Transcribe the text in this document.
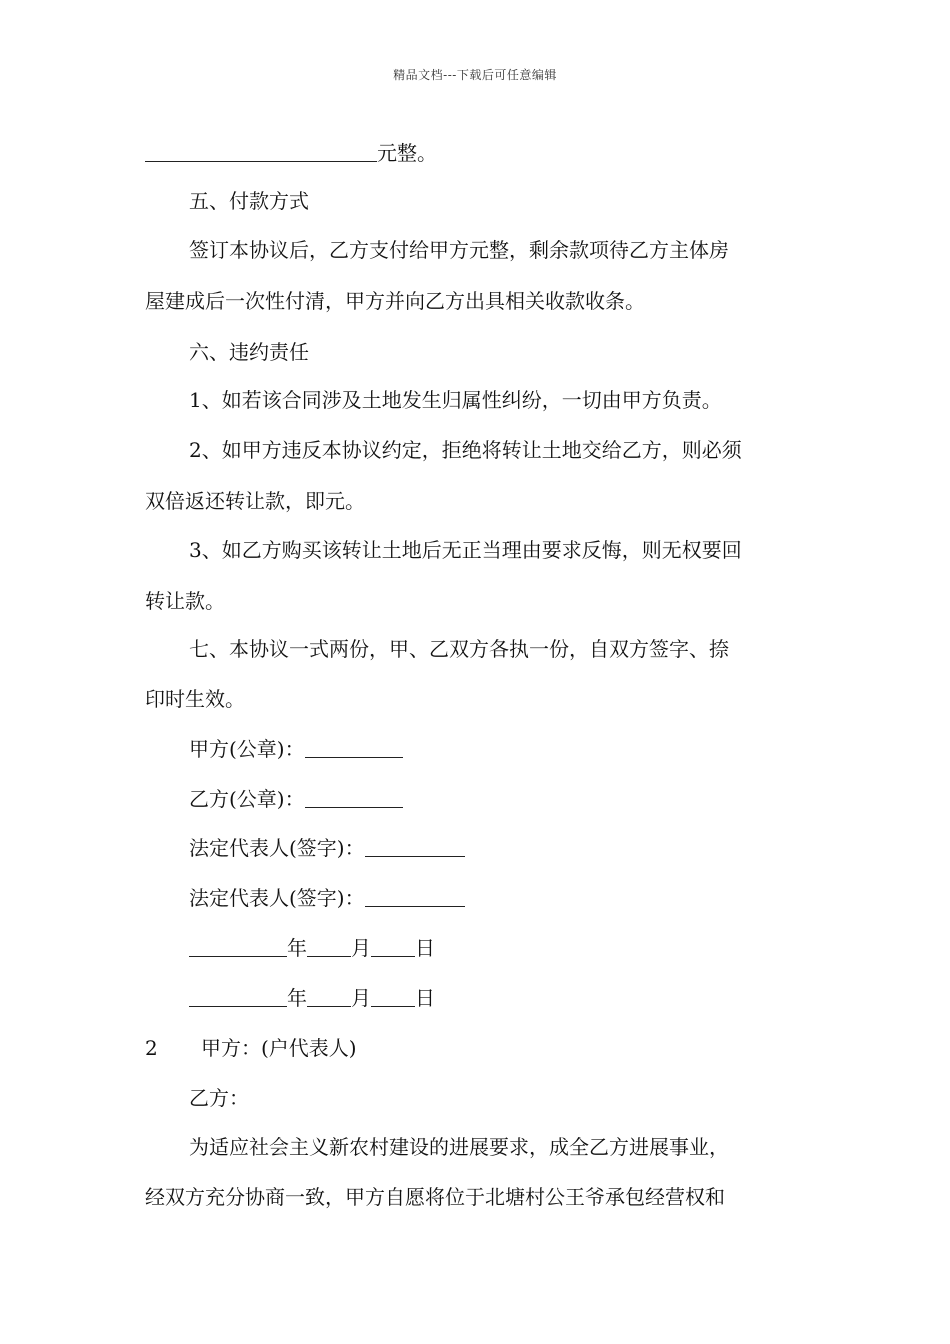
精品文档---下载后可任意编辑
元整。
五、付款方式
签订本协议后，乙方支付给甲方元整，剩余款项待乙方主体房
屋建成后一次性付清，甲方并向乙方出具相关收款收条。
六、违约责任
1、如若该合同涉及土地发生归属性纠纷，一切由甲方负责。
2、如甲方违反本协议约定，拒绝将转让土地交给乙方，则必须
双倍返还转让款，即元。
3、如乙方购买该转让土地后无正当理由要求反悔，则无权要回
转让款。
七、本协议一式两份，甲、乙双方各执一份，自双方签字、捺
印时生效。
甲方(公章)：
乙方(公章)：
法定代表人(签字)：
法定代表人(签字)：
年 月 日
年 月 日
2 甲方：(户代表人)
乙方：
为适应社会主义新农村建设的进展要求，成全乙方进展事业，
经双方充分协商一致，甲方自愿将位于北塘村公王爷承包经营权和
